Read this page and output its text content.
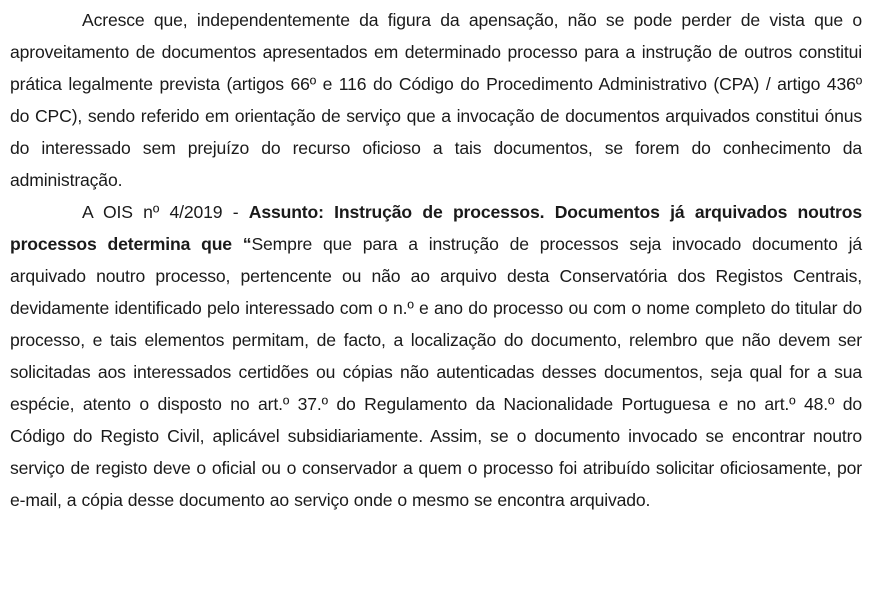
Acresce que, independentemente da figura da apensação, não se pode perder de vista que o aproveitamento de documentos apresentados em determinado processo para a instrução de outros constitui prática legalmente prevista (artigos 66º e 116 do Código do Procedimento Administrativo (CPA) / artigo 436º do CPC), sendo referido em orientação de serviço que a invocação de documentos arquivados constitui ónus do interessado sem prejuízo do recurso oficioso a tais documentos, se forem do conhecimento da administração.

A OIS nº 4/2019 - Assunto: Instrução de processos. Documentos já arquivados noutros processos determina que “Sempre que para a instrução de processos seja invocado documento já arquivado noutro processo, pertencente ou não ao arquivo desta Conservatória dos Registos Centrais, devidamente identificado pelo interessado com o n.º e ano do processo ou com o nome completo do titular do processo, e tais elementos permitam, de facto, a localização do documento, relembro que não devem ser solicitadas aos interessados certidões ou cópias não autenticadas desses documentos, seja qual for a sua espécie, atento o disposto no art.º 37.º do Regulamento da Nacionalidade Portuguesa e no art.º 48.º do Código do Registo Civil, aplicável subsidiariamente. Assim, se o documento invocado se encontrar noutro serviço de registo deve o oficial ou o conservador a quem o processo foi atribuído solicitar oficiosamente, por e-mail, a cópia desse documento ao serviço onde o mesmo se encontra arquivado.
